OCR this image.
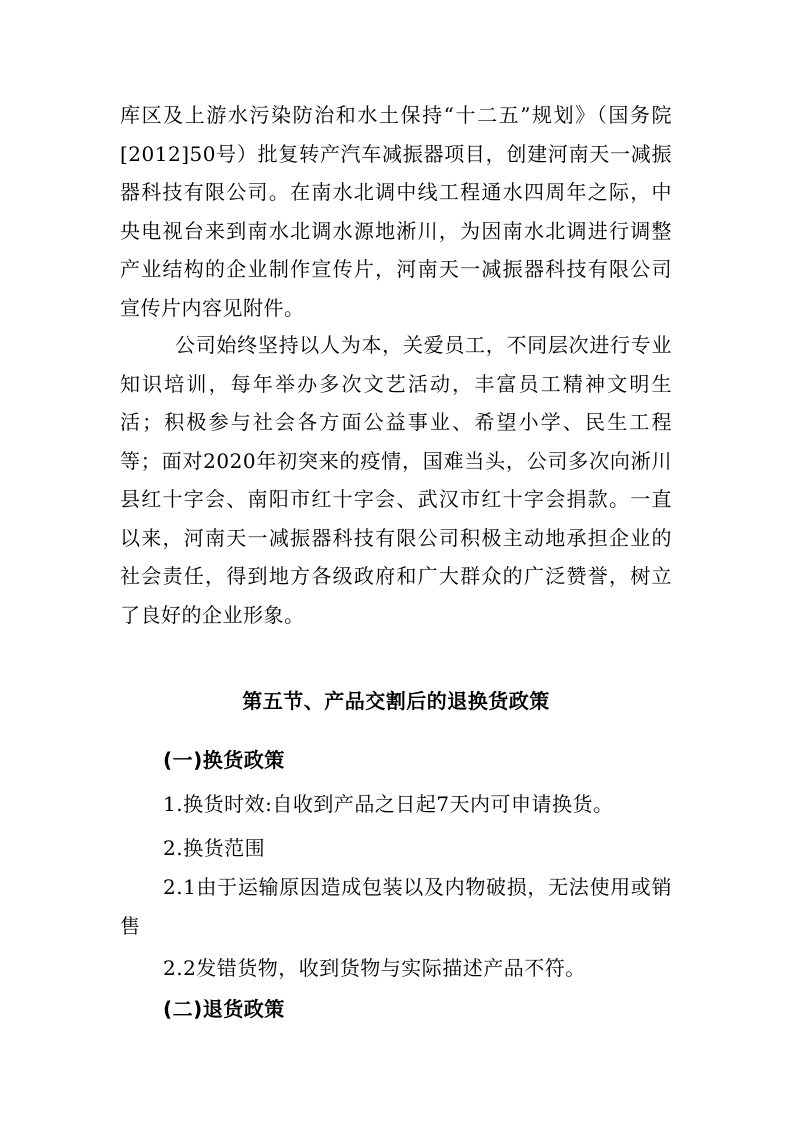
库区及上游水污染防治和水土保持“十二五”规划》（国务院[2012]50号）批复转产汽车减振器项目，创建河南天一减振器科技有限公司。在南水北调中线工程通水四周年之际，中央电视台来到南水北调水源地淅川，为因南水北调进行调整产业结构的企业制作宣传片，河南天一减振器科技有限公司宣传片内容见附件。

公司始终坚持以人为本，关爱员工，不同层次进行专业知识培训，每年举办多次文艺活动，丰富员工精神文明生活；积极参与社会各方面公益事业、希望小学、民生工程等；面对2020年初突来的疫情，国难当头，公司多次向淅川县红十字会、南阳市红十字会、武汉市红十字会捐款。一直以来，河南天一减振器科技有限公司积极主动地承担企业的社会责任，得到地方各级政府和广大群众的广泛赞誉，树立了良好的企业形象。

第五节、产品交割后的退换货政策
(一)换货政策

1.换货时效:自收到产品之日起7天内可申请换货。

2.换货范围

2.1由于运输原因造成包装以及内物破损，无法使用或销售

2.2发错货物，收到货物与实际描述产品不符。

(二)退货政策
